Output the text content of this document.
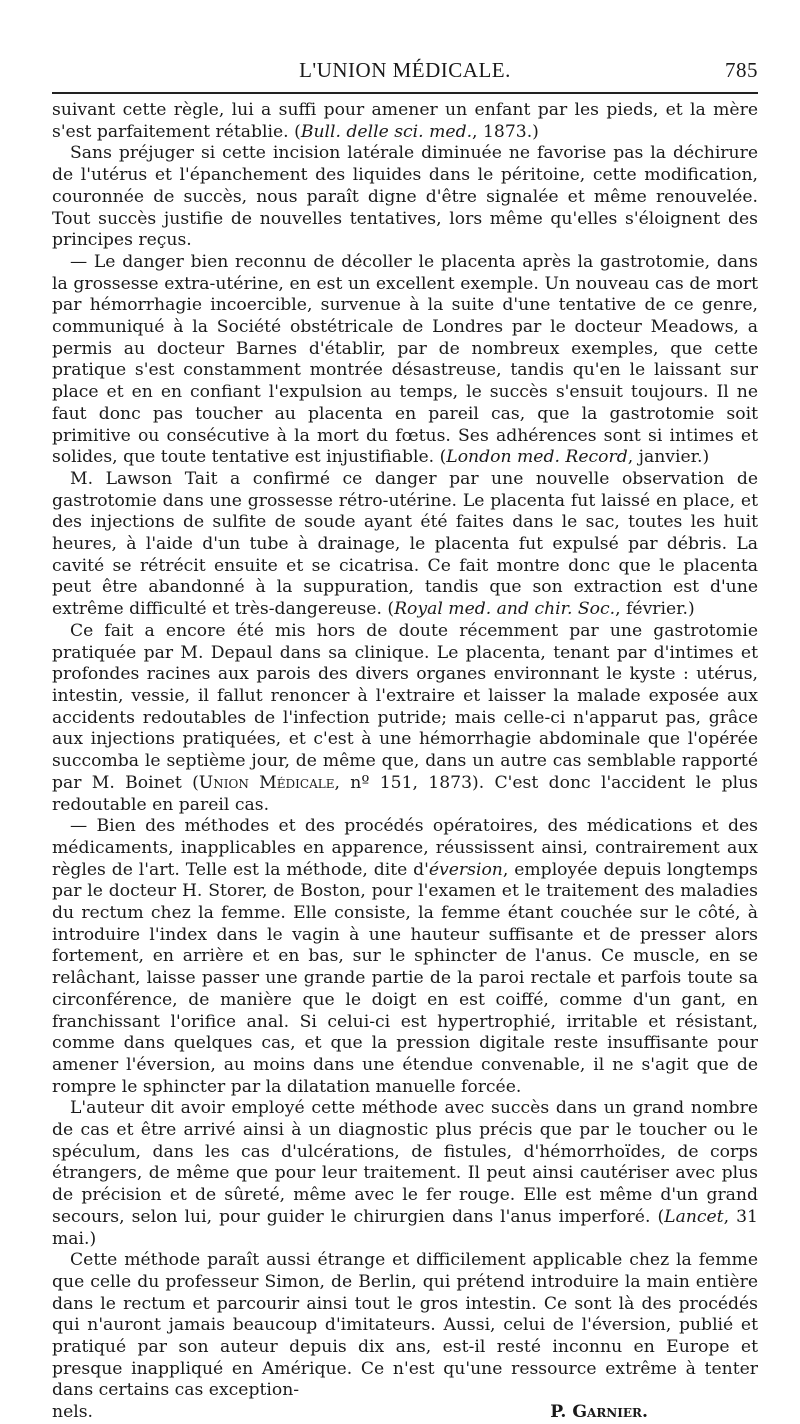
L'UNION MÉDICALE.	785

suivant cette règle, lui a suffi pour amener un enfant par les pieds, et la mère s'est parfaitement rétablie. (Bull. delle sci. med., 1873.)

Sans préjuger si cette incision latérale diminuée ne favorise pas la déchirure de l'utérus et l'épanchement des liquides dans le péritoine, cette modification, couronnée de succès, nous paraît digne d'être signalée et même renouvelée. Tout succès justifie de nouvelles tentatives, lors même qu'elles s'éloignent des principes reçus.

— Le danger bien reconnu de décoller le placenta après la gastrotomie, dans la grossesse extra-utérine, en est un excellent exemple. Un nouveau cas de mort par hémorrhagie incoercible, survenue à la suite d'une tentative de ce genre, communiqué à la Société obstétricale de Londres par le docteur Meadows, a permis au docteur Barnes d'établir, par de nombreux exemples, que cette pratique s'est constamment montrée désastreuse, tandis qu'en le laissant sur place et en en confiant l'expulsion au temps, le succès s'ensuit toujours. Il ne faut donc pas toucher au placenta en pareil cas, que la gastrotomie soit primitive ou consécutive à la mort du fœtus. Ses adhérences sont si intimes et solides, que toute tentative est injustifiable. (London med. Record, janvier.)

M. Lawson Tait a confirmé ce danger par une nouvelle observation de gastrotomie dans une grossesse rétro-utérine. Le placenta fut laissé en place, et des injections de sulfite de soude ayant été faites dans le sac, toutes les huit heures, à l'aide d'un tube à drainage, le placenta fut expulsé par débris. La cavité se rétrécit ensuite et se cicatrisa. Ce fait montre donc que le placenta peut être abandonné à la suppuration, tandis que son extraction est d'une extrême difficulté et très-dangereuse. (Royal med. and chir. Soc., février.)

Ce fait a encore été mis hors de doute récemment par une gastrotomie pratiquée par M. Depaul dans sa clinique. Le placenta, tenant par d'intimes et profondes racines aux parois des divers organes environnant le kyste : utérus, intestin, vessie, il fallut renoncer à l'extraire et laisser la malade exposée aux accidents redoutables de l'infection putride; mais celle-ci n'apparut pas, grâce aux injections pratiquées, et c'est à une hémorrhagie abdominale que l'opérée succomba le septième jour, de même que, dans un autre cas semblable rapporté par M. Boinet (Union Médicale, nº 151, 1873). C'est donc l'accident le plus redoutable en pareil cas.

— Bien des méthodes et des procédés opératoires, des médications et des médicaments, inapplicables en apparence, réussissent ainsi, contrairement aux règles de l'art. Telle est la méthode, dite d'éversion, employée depuis longtemps par le docteur H. Storer, de Boston, pour l'examen et le traitement des maladies du rectum chez la femme. Elle consiste, la femme étant couchée sur le côté, à introduire l'index dans le vagin à une hauteur suffisante et de presser alors fortement, en arrière et en bas, sur le sphincter de l'anus. Ce muscle, en se relâchant, laisse passer une grande partie de la paroi rectale et parfois toute sa circonférence, de manière que le doigt en est coiffé, comme d'un gant, en franchissant l'orifice anal. Si celui-ci est hypertrophié, irritable et résistant, comme dans quelques cas, et que la pression digitale reste insuffisante pour amener l'éversion, au moins dans une étendue convenable, il ne s'agit que de rompre le sphincter par la dilatation manuelle forcée.

L'auteur dit avoir employé cette méthode avec succès dans un grand nombre de cas et être arrivé ainsi à un diagnostic plus précis que par le toucher ou le spéculum, dans les cas d'ulcérations, de fistules, d'hémorrhoïdes, de corps étrangers, de même que pour leur traitement. Il peut ainsi cautériser avec plus de précision et de sûreté, même avec le fer rouge. Elle est même d'un grand secours, selon lui, pour guider le chirurgien dans l'anus imperforé. (Lancet, 31 mai.)

Cette méthode paraît aussi étrange et difficilement applicable chez la femme que celle du professeur Simon, de Berlin, qui prétend introduire la main entière dans le rectum et parcourir ainsi tout le gros intestin. Ce sont là des procédés qui n'auront jamais beaucoup d'imitateurs. Aussi, celui de l'éversion, publié et pratiqué par son auteur depuis dix ans, est-il resté inconnu en Europe et presque inappliqué en Amérique. Ce n'est qu'une ressource extrême à tenter dans certains cas exception-

nels.	P. Garnier.
